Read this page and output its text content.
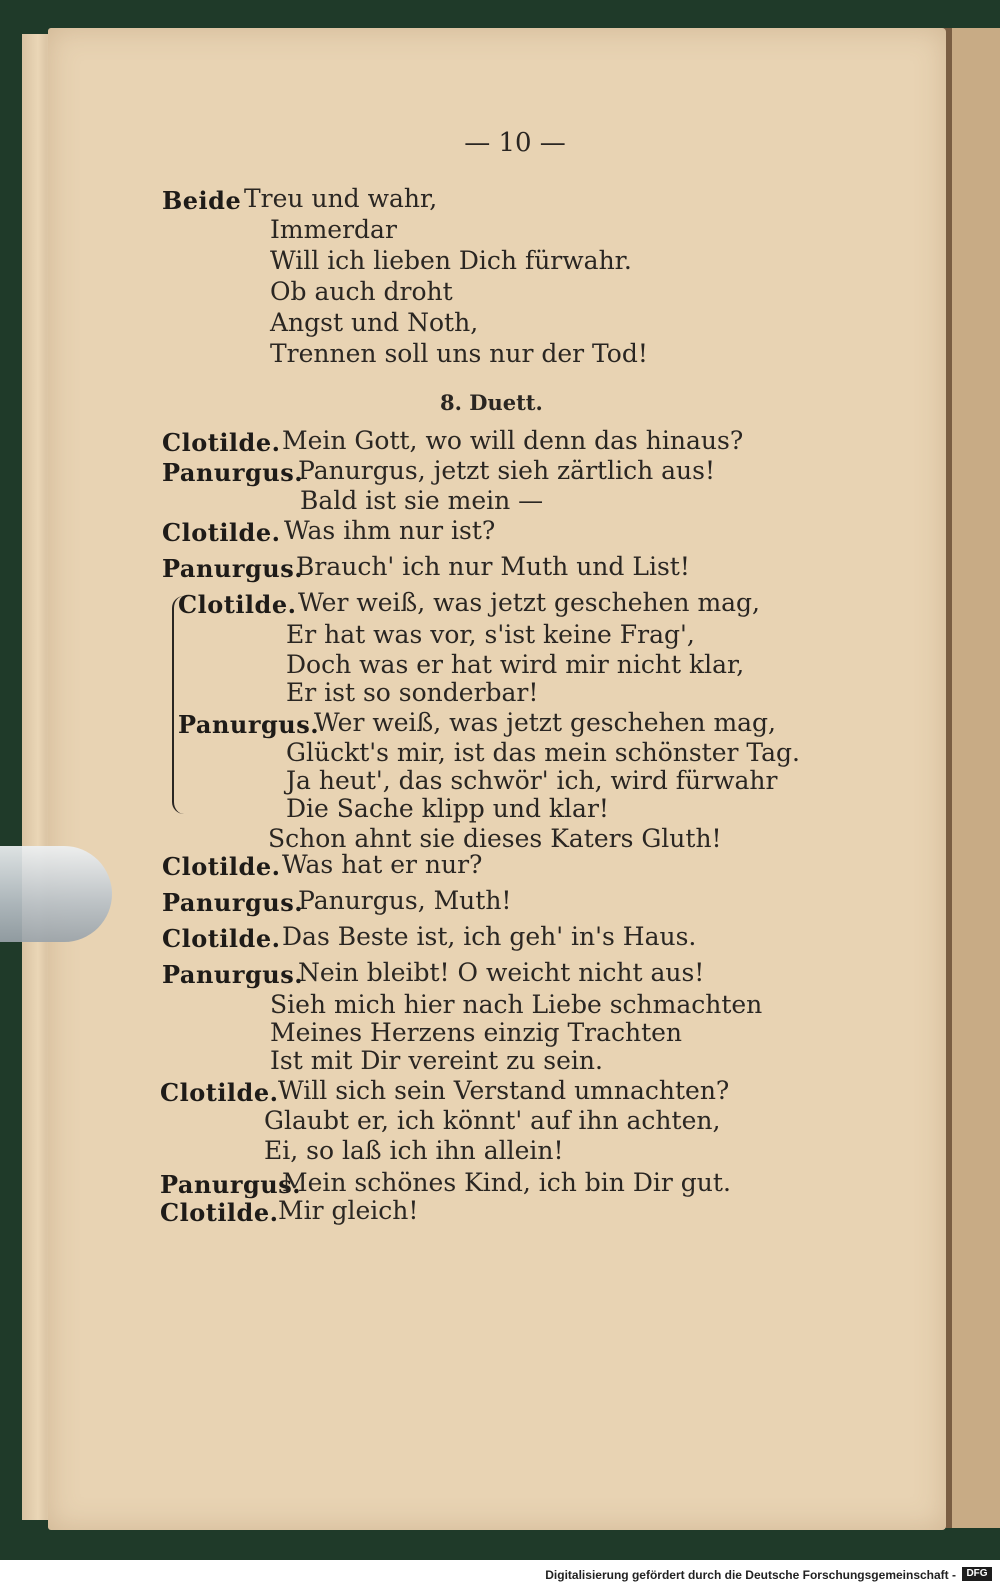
— 10 —
Beide Treu und wahr,
Immerdar
Will ich lieben Dich fürwahr.
Ob auch droht
Angst und Noth,
Trennen soll uns nur der Tod!
8. Duett.
Clotilde. Mein Gott, wo will denn das hinaus?
Panurgus.
Panurgus, jetzt sieh zärtlich aus!
Bald ist sie mein —
Clotilde. Was ihm nur ist?
Panurgus.
Brauch' ich nur Muth und List!
Clotilde. Wer weiß, was jetzt geschehen mag,
Er hat was vor, s'ist keine Frag',
Doch was er hat wird mir nicht klar,
Er ist so sonderbar!
Panurgus.
Wer weiß, was jetzt geschehen mag,
Glückt's mir, ist das mein schönster Tag.
Ja heut', das schwör' ich, wird fürwahr
Die Sache klipp und klar!
Schon ahnt sie dieses Katers Gluth!
Clotilde. Was hat er nur?
Panurgus.
Panurgus, Muth!
Clotilde. Das Beste ist, ich geh' in's Haus.
Panurgus.
Nein bleibt! O weicht nicht aus!
Sieh mich hier nach Liebe schmachten
Meines Herzens einzig Trachten
Ist mit Dir vereint zu sein.
Clotilde. Will sich sein Verstand umnachten?
Glaubt er, ich könnt' auf ihn achten,
Ei, so laß ich ihn allein!
Panurgus.
Mein schönes Kind, ich bin Dir gut.
Clotilde. Mir gleich!
Digitalisierung gefördert durch die Deutsche Forschungsgemeinschaft -	DFG
